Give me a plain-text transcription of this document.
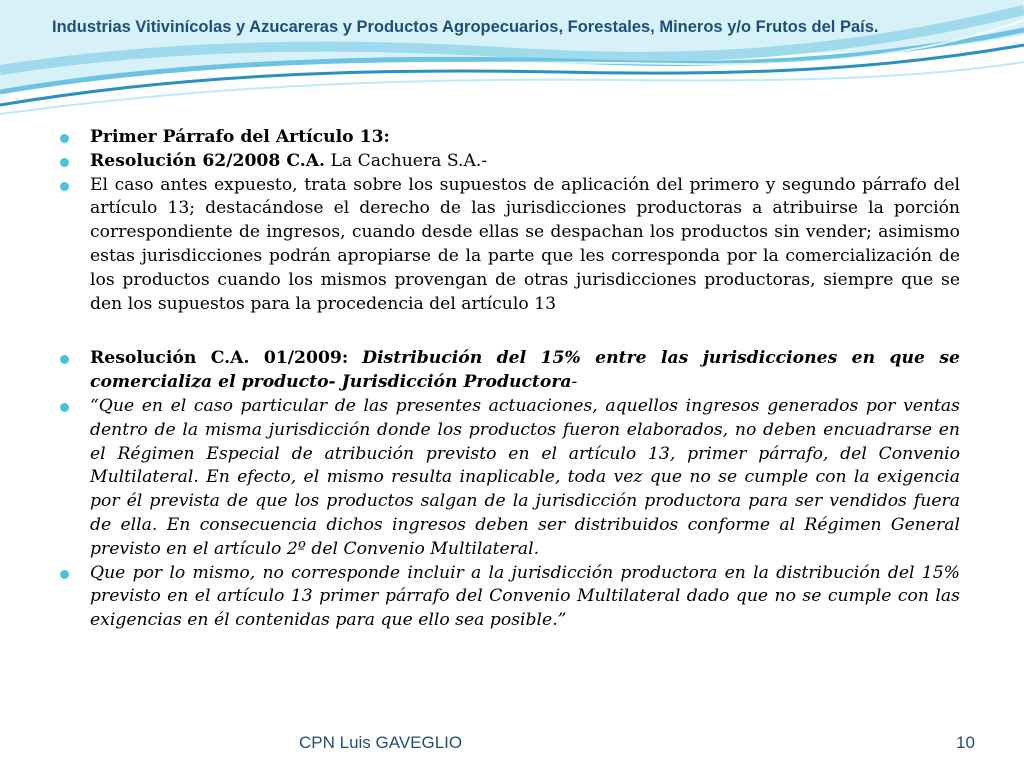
Industrias Vitivinícolas y Azucareras y Productos Agropecuarios, Forestales, Mineros y/o Frutos del País.
Primer Párrafo del Artículo 13:
Resolución 62/2008 C.A. La Cachuera S.A.-
El caso antes expuesto, trata sobre los supuestos de aplicación del primero y segundo párrafo del artículo 13; destacándose el derecho de las jurisdicciones productoras a atribuirse la porción correspondiente de ingresos, cuando desde ellas se despachan los productos sin vender; asimismo estas jurisdicciones podrán apropiarse de la parte que les corresponda por la comercialización de los productos cuando los mismos provengan de otras jurisdicciones productoras, siempre que se den los supuestos para la procedencia del artículo 13
Resolución C.A. 01/2009: Distribución del 15% entre las jurisdicciones en que se comercializa el producto- Jurisdicción Productora-
“Que en el caso particular de las presentes actuaciones, aquellos ingresos generados por ventas dentro de la misma jurisdicción donde los productos fueron elaborados, no deben encuadrarse en el Régimen Especial de atribución previsto en el artículo 13, primer párrafo, del Convenio Multilateral. En efecto, el mismo resulta inaplicable, toda vez que no se cumple con la exigencia por él prevista de que los productos salgan de la jurisdicción productora para ser vendidos fuera de ella. En consecuencia dichos ingresos deben ser distribuidos conforme al Régimen General previsto en el artículo 2º del Convenio Multilateral.
Que por lo mismo, no corresponde incluir a la jurisdicción productora en la distribución del 15% previsto en el artículo 13 primer párrafo del Convenio Multilateral dado que no se cumple con las exigencias en él contenidas para que ello sea posible.”
CPN Luis GAVEGLIO	10
